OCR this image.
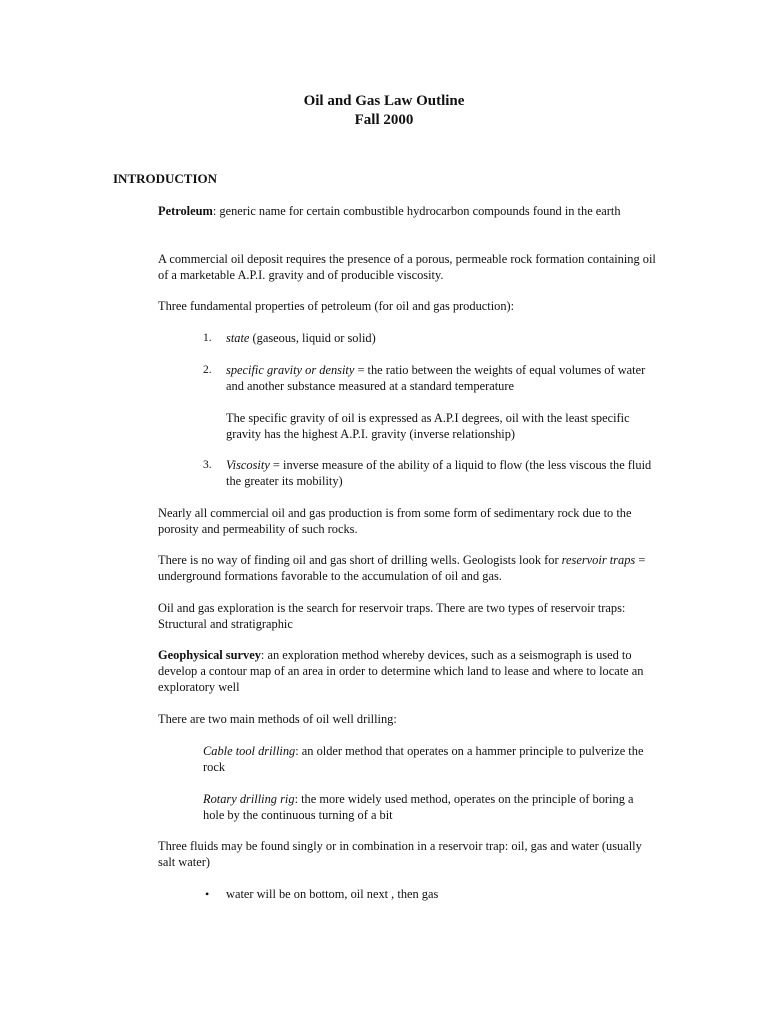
Oil and Gas Law Outline
Fall 2000
INTRODUCTION
Petroleum: generic name for certain combustible hydrocarbon compounds found in the earth
A commercial oil deposit requires the presence of a porous, permeable rock formation containing oil of a marketable A.P.I. gravity and of producible viscosity.
Three fundamental properties of petroleum (for oil and gas production):
1. state (gaseous, liquid or solid)
2. specific gravity or density = the ratio between the weights of equal volumes of water and another substance measured at a standard temperature
The specific gravity of oil is expressed as A.P.I degrees, oil with the least specific gravity has the highest A.P.I. gravity (inverse relationship)
3. Viscosity = inverse measure of the ability of a liquid to flow (the less viscous the fluid the greater its mobility)
Nearly all commercial oil and gas production is from some form of sedimentary rock due to the porosity and permeability of such rocks.
There is no way of finding oil and gas short of drilling wells. Geologists look for reservoir traps = underground formations favorable to the accumulation of oil and gas.
Oil and gas exploration is the search for reservoir traps. There are two types of reservoir traps: Structural and stratigraphic
Geophysical survey: an exploration method whereby devices, such as a seismograph is used to develop a contour map of an area in order to determine which land to lease and where to locate an exploratory well
There are two main methods of oil well drilling:
Cable tool drilling: an older method that operates on a hammer principle to pulverize the rock
Rotary drilling rig: the more widely used method, operates on the principle of boring a hole by the continuous turning of a bit
Three fluids may be found singly or in combination in a reservoir trap: oil, gas and water (usually salt water)
• water will be on bottom, oil next , then gas
